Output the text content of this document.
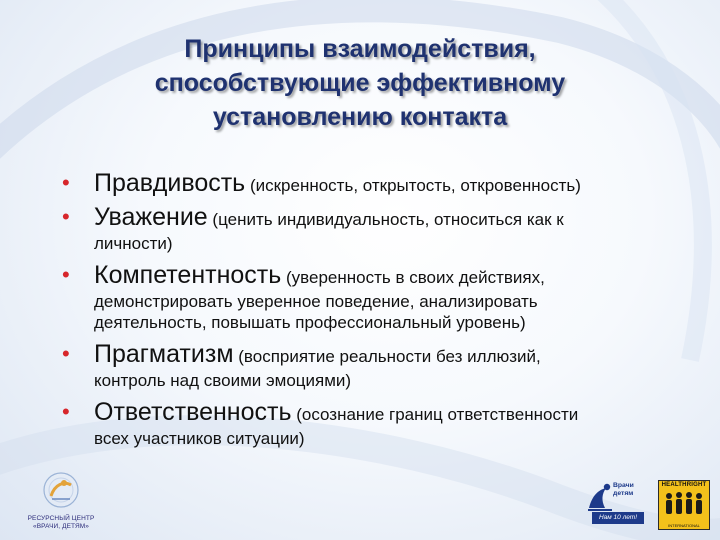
Принципы взаимодействия,
способствующие эффективному
установлению контакта
• Правдивость (искренность, открытость, откровенность)
• Уважение (ценить индивидуальность, относиться как к
личности)
• Компетентность (уверенность в своих действиях,
демонстрировать уверенное поведение, анализировать деятельность, повышать профессиональный уровень)
• Прагматизм (восприятие реальности без иллюзий,
контроль над своими эмоциями)
• Ответственность (осознание границ ответственности
всех участников ситуации)
РЕСУРСНЫЙ ЦЕНТР
«ВРАЧИ, ДЕТЯМ»
Врачи
детям
Нам 10 лет!
HEALTHRIGHT
INTERNATIONAL
